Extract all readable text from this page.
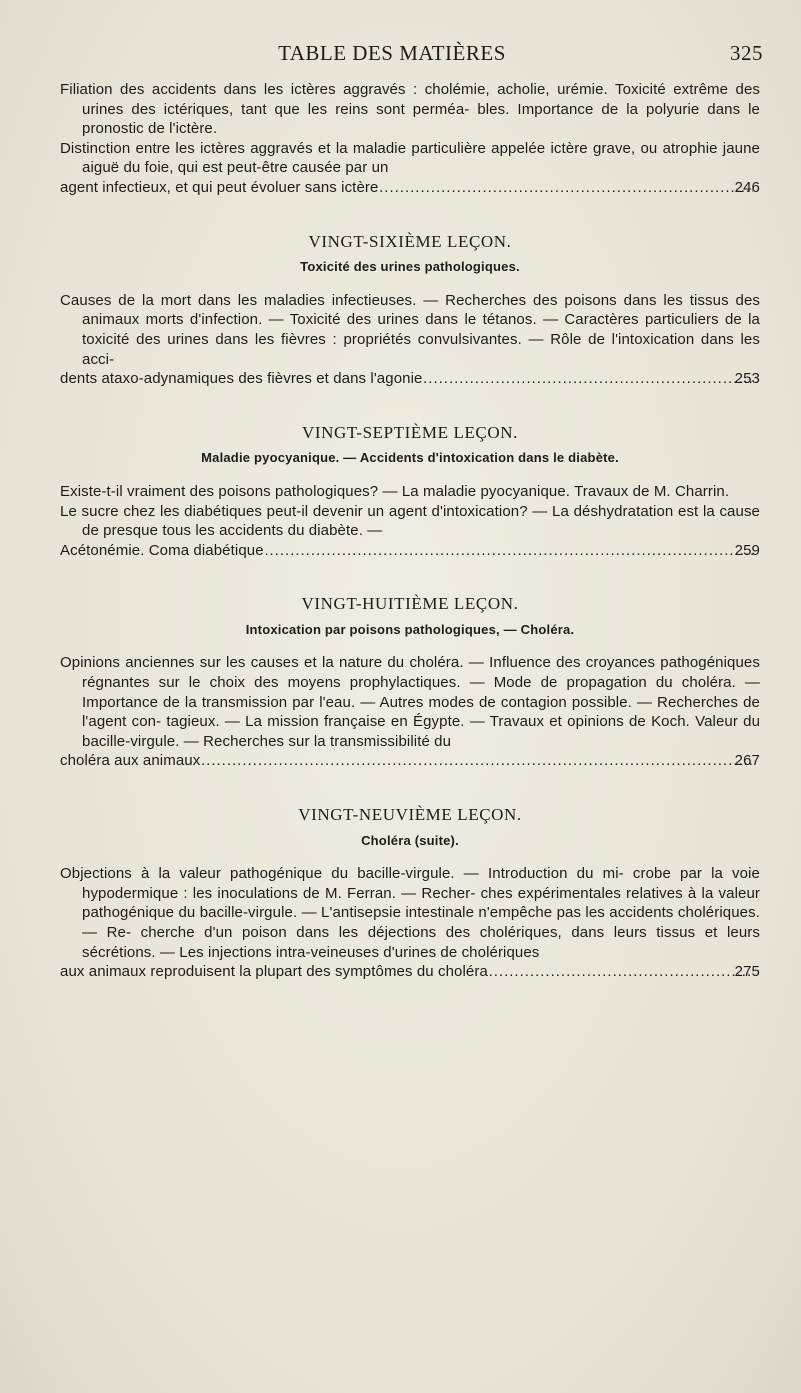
TABLE DES MATIÈRES	325

Filiation des accidents dans les ictères aggravés : cholémie, acholie, urémie. Toxicité extrême des urines des ictériques, tant que les reins sont perméa- bles. Importance de la polyurie dans le pronostic de l'ictère.

Distinction entre les ictères aggravés et la maladie particulière appelée ictère grave, ou atrophie jaune aiguë du foie, qui est peut-être causée par un
agent infectieux, et qui peut évoluer sans ictère .....	246
VINGT-SIXIÈME LEÇON.
Toxicité des urines pathologiques.
Causes de la mort dans les maladies infectieuses. — Recherches des poisons dans les tissus des animaux morts d'infection. — Toxicité des urines dans le tétanos. — Caractères particuliers de la toxicité des urines dans les fièvres : propriétés convulsivantes. — Rôle de l'intoxication dans les acci-
dents ataxo-adynamiques des fièvres et dans l'agonie .....	253
VINGT-SEPTIÈME LEÇON.
Maladie pyocyanique. — Accidents d'intoxication dans le diabète.

Existe-t-il vraiment des poisons pathologiques? — La maladie pyocyanique. Travaux de M. Charrin.

Le sucre chez les diabétiques peut-il devenir un agent d'intoxication? — La déshydratation est la cause de presque tous les accidents du diabète. —
Acétonémie. Coma diabétique .....	259
VINGT-HUITIÈME LEÇON.
Intoxication par poisons pathologiques, — Choléra.
Opinions anciennes sur les causes et la nature du choléra. — Influence des croyances pathogéniques régnantes sur le choix des moyens prophylactiques. — Mode de propagation du choléra. — Importance de la transmission par l'eau. — Autres modes de contagion possible. — Recherches de l'agent con- tagieux. — La mission française en Égypte. — Travaux et opinions de Koch. Valeur du bacille-virgule. — Recherches sur la transmissibilité du
choléra aux animaux .....	267
VINGT-NEUVIÈME LEÇON.
Choléra (suite).
Objections à la valeur pathogénique du bacille-virgule. — Introduction du mi- crobe par la voie hypodermique : les inoculations de M. Ferran. — Recher- ches expérimentales relatives à la valeur pathogénique du bacille-virgule. — L'antisepsie intestinale n'empêche pas les accidents cholériques. — Re- cherche d'un poison dans les déjections des cholériques, dans leurs tissus et leurs sécrétions. — Les injections intra-veineuses d'urines de cholériques
aux animaux reproduisent la plupart des symptômes du choléra .....	275
